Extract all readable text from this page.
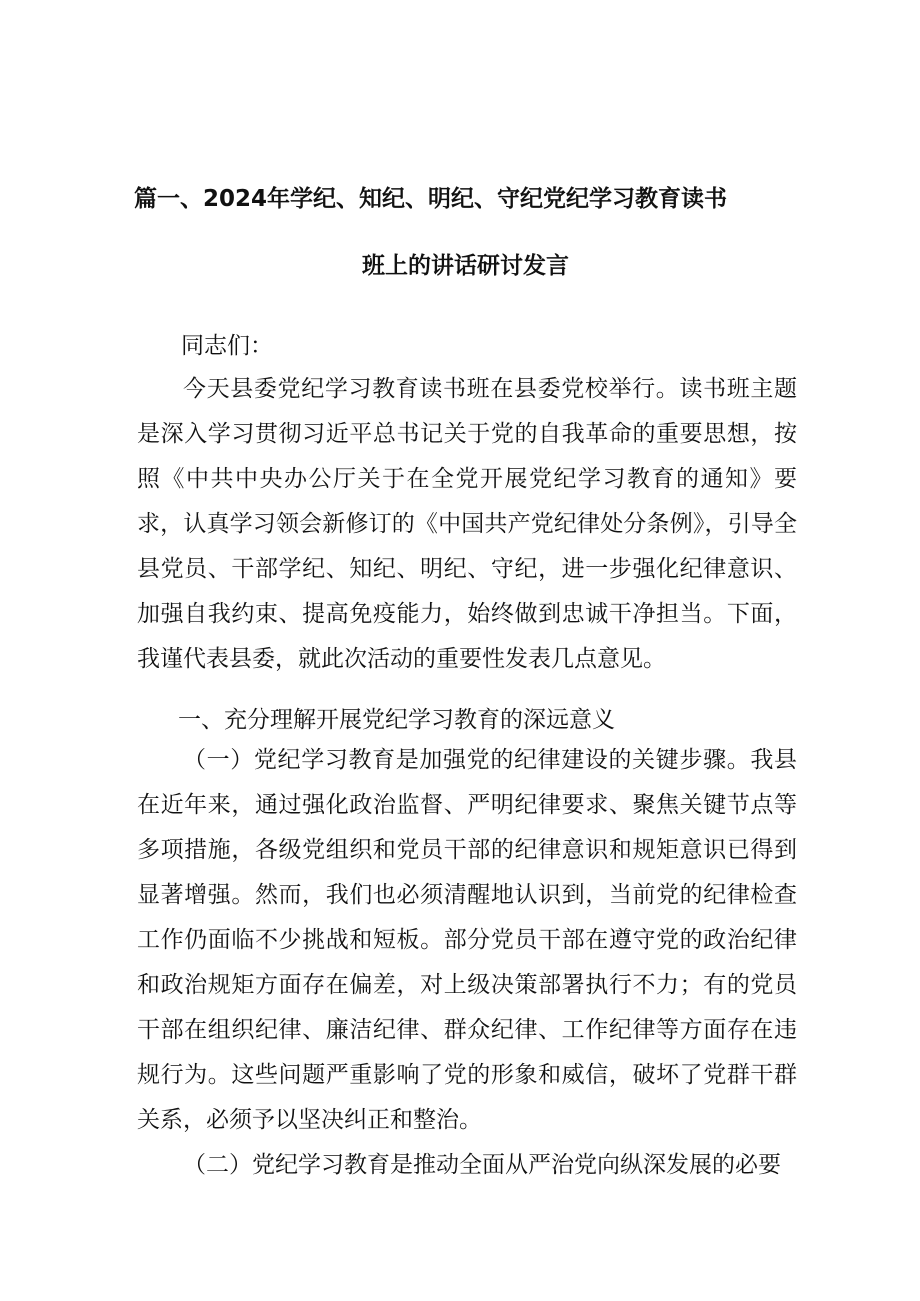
篇一、2024年学纪、知纪、明纪、守纪党纪学习教育读书
班上的讲话研讨发言
同志们：
今天县委党纪学习教育读书班在县委党校举行。读书班主题是深入学习贯彻习近平总书记关于党的自我革命的重要思想，按照《中共中央办公厅关于在全党开展党纪学习教育的通知》要求，认真学习领会新修订的《中国共产党纪律处分条例》，引导全县党员、干部学纪、知纪、明纪、守纪，进一步强化纪律意识、加强自我约束、提高免疫能力，始终做到忠诚干净担当。下面，我谨代表县委，就此次活动的重要性发表几点意见。
一、充分理解开展党纪学习教育的深远意义
（一）党纪学习教育是加强党的纪律建设的关键步骤。我县在近年来，通过强化政治监督、严明纪律要求、聚焦关键节点等多项措施，各级党组织和党员干部的纪律意识和规矩意识已得到显著增强。然而，我们也必须清醒地认识到，当前党的纪律检查工作仍面临不少挑战和短板。部分党员干部在遵守党的政治纪律和政治规矩方面存在偏差，对上级决策部署执行不力；有的党员干部在组织纪律、廉洁纪律、群众纪律、工作纪律等方面存在违规行为。这些问题严重影响了党的形象和威信，破坏了党群干群关系，必须予以坚决纠正和整治。
（二）党纪学习教育是推动全面从严治党向纵深发展的必要
